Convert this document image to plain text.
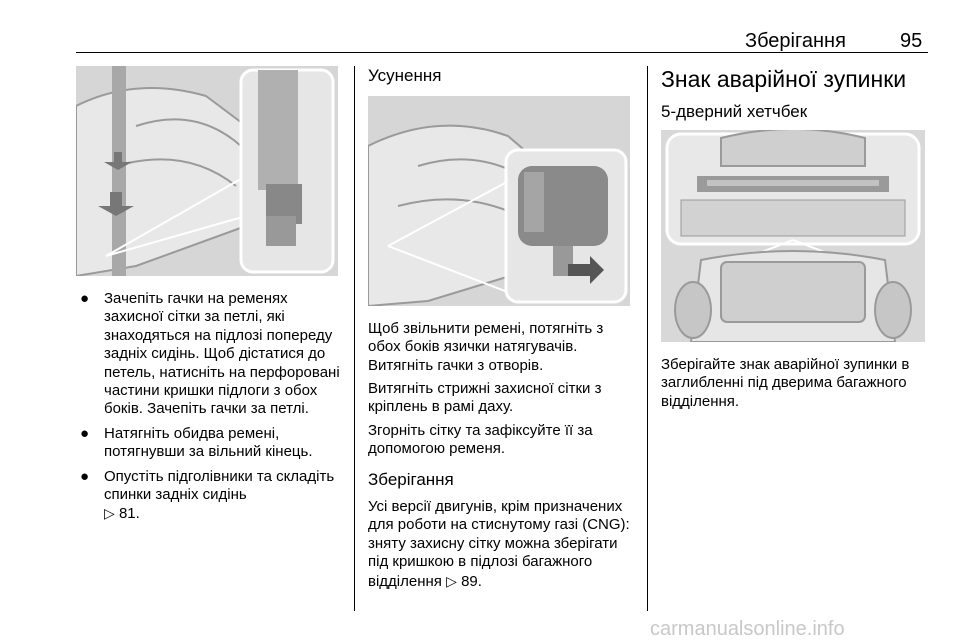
Зберігання	95
● Зачепіть гачки на ременях захисної сітки за петлі, які знаходяться на підлозі попереду задніх сидінь. Щоб дістатися до петель, натисніть на перфоровані частини кришки підлоги з обох боків. Зачепіть гачки за петлі.
● Натягніть обидва ремені, потягнувши за вільний кінець.
● Опустіть підголівники та складіть спинки задніх сидінь
▷ 81.
Усунення

Щоб звільнити ремені, потягніть з обох боків язички натягувачів. Витягніть гачки з отворів.

Витягніть стрижні захисної сітки з кріплень в рамі даху.

Згорніть сітку та зафіксуйте її за допомогою ременя.

Зберігання

Усі версії двигунів, крім призначених для роботи на стиснутому газі (CNG): зняту захисну сітку можна зберігати під кришкою в підлозі багажного відділення ▷ 89.

Знак аварійної зупинки
5-дверний хетчбек

Зберігайте знак аварійної зупинки в заглибленні під дверима багажного відділення.

carmanualsonline.info
